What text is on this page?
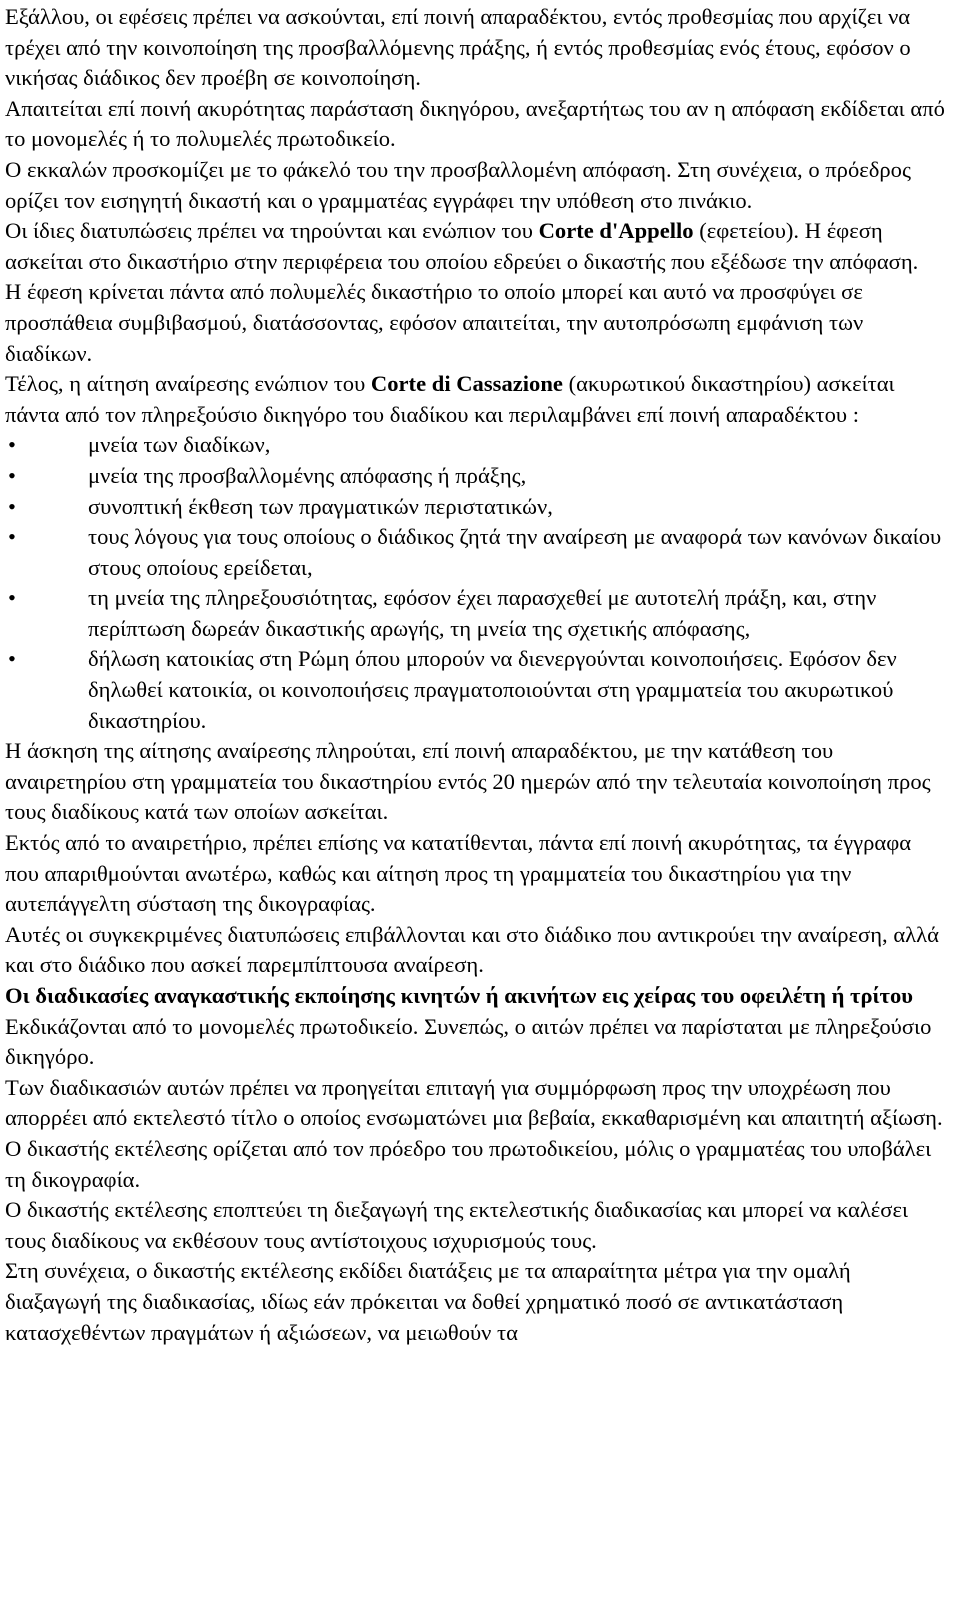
Εξάλλου, οι εφέσεις πρέπει να ασκούνται, επί ποινή απαραδέκτου, εντός προθεσμίας που αρχίζει να τρέχει από την κοινοποίηση της προσβαλλόμενης πράξης, ή εντός προθεσμίας ενός έτους, εφόσον ο νικήσας διάδικος δεν προέβη σε κοινοποίηση.

Απαιτείται επί ποινή ακυρότητας παράσταση δικηγόρου, ανεξαρτήτως του αν η απόφαση εκδίδεται από το μονομελές ή το πολυμελές πρωτοδικείο.

Ο εκκαλών προσκομίζει με το φάκελό του την προσβαλλομένη απόφαση. Στη συνέχεια, ο πρόεδρος ορίζει τον εισηγητή δικαστή και ο γραμματέας εγγράφει την υπόθεση στο πινάκιο.

Οι ίδιες διατυπώσεις πρέπει να τηρούνται και ενώπιον του Corte d'Appello (εφετείου). Η έφεση ασκείται στο δικαστήριο στην περιφέρεια του οποίου εδρεύει ο δικαστής που εξέδωσε την απόφαση.

Η έφεση κρίνεται πάντα από πολυμελές δικαστήριο το οποίο μπορεί και αυτό να προσφύγει σε προσπάθεια συμβιβασμού, διατάσσοντας, εφόσον απαιτείται, την αυτοπρόσωπη εμφάνιση των διαδίκων.

Τέλος, η αίτηση αναίρεσης ενώπιον του Corte di Cassazione (ακυρωτικού δικαστηρίου) ασκείται πάντα από τον πληρεξούσιο δικηγόρο του διαδίκου και περιλαμβάνει επί ποινή απαραδέκτου :

•	μνεία των διαδίκων,
•	μνεία της προσβαλλομένης απόφασης ή πράξης,
•	συνοπτική έκθεση των πραγματικών περιστατικών,
•	τους λόγους για τους οποίους ο διάδικος ζητά την αναίρεση με αναφορά των κανόνων δικαίου στους οποίους ερείδεται,
•	τη μνεία της πληρεξουσιότητας, εφόσον έχει παρασχεθεί με αυτοτελή πράξη, και, στην περίπτωση δωρεάν δικαστικής αρωγής, τη μνεία της σχετικής απόφασης,
•	δήλωση κατοικίας στη Ρώμη όπου μπορούν να διενεργούνται κοινοποιήσεις. Εφόσον δεν δηλωθεί κατοικία, οι κοινοποιήσεις πραγματοποιούνται στη γραμματεία του ακυρωτικού δικαστηρίου.

Η άσκηση της αίτησης αναίρεσης πληρούται, επί ποινή απαραδέκτου, με την κατάθεση του αναιρετηρίου στη γραμματεία του δικαστηρίου εντός 20 ημερών από την τελευταία κοινοποίηση προς τους διαδίκους κατά των οποίων ασκείται.

Εκτός από το αναιρετήριο, πρέπει επίσης να κατατίθενται, πάντα επί ποινή ακυρότητας, τα έγγραφα που απαριθμούνται ανωτέρω, καθώς και αίτηση προς τη γραμματεία του δικαστηρίου για την αυτεπάγγελτη σύσταση της δικογραφίας.

Αυτές οι συγκεκριμένες διατυπώσεις επιβάλλονται και στο διάδικο που αντικρούει την αναίρεση, αλλά και στο διάδικο που ασκεί παρεμπίπτουσα αναίρεση.

Οι διαδικασίες αναγκαστικής εκποίησης κινητών ή ακινήτων εις χείρας του οφειλέτη ή τρίτου

Εκδικάζονται από το μονομελές πρωτοδικείο. Συνεπώς, ο αιτών πρέπει να παρίσταται με πληρεξούσιο δικηγόρο.

Των διαδικασιών αυτών πρέπει να προηγείται επιταγή για συμμόρφωση προς την υποχρέωση που απορρέει από εκτελεστό τίτλο ο οποίος ενσωματώνει μια βεβαία, εκκαθαρισμένη και απαιτητή αξίωση.

Ο δικαστής εκτέλεσης ορίζεται από τον πρόεδρο του πρωτοδικείου, μόλις ο γραμματέας του υποβάλει τη δικογραφία.

Ο δικαστής εκτέλεσης εποπτεύει τη διεξαγωγή της εκτελεστικής διαδικασίας και μπορεί να καλέσει τους διαδίκους να εκθέσουν τους αντίστοιχους ισχυρισμούς τους.

Στη συνέχεια, ο δικαστής εκτέλεσης εκδίδει διατάξεις με τα απαραίτητα μέτρα για την ομαλή διαξαγωγή της διαδικασίας, ιδίως εάν πρόκειται να δοθεί χρηματικό ποσό σε αντικατάσταση κατασχεθέντων πραγμάτων ή αξιώσεων, να μειωθούν τα
